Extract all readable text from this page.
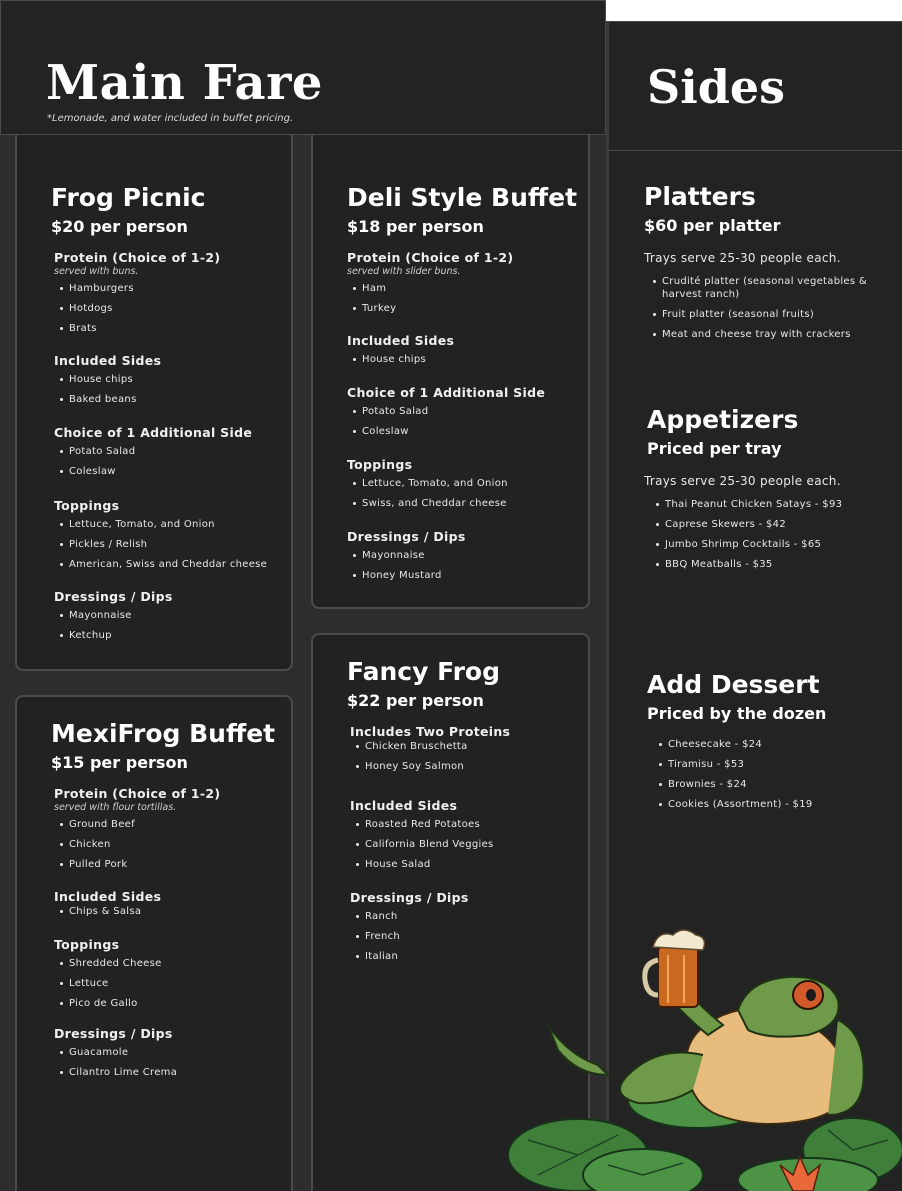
Main Fare
*Lemonade, and water included in buffet pricing.
Frog Picnic
$20 per person
Protein (Choice of 1-2)
served with buns.
Hamburgers
Hotdogs
Brats
Included Sides
House chips
Baked beans
Choice of 1 Additional Side
Potato Salad
Coleslaw
Toppings
Lettuce, Tomato, and Onion
Pickles / Relish
American, Swiss and Cheddar cheese
Dressings / Dips
Mayonnaise
Ketchup
Deli Style Buffet
$18 per person
Protein (Choice of 1-2)
served with slider buns.
Ham
Turkey
Included Sides
House chips
Choice of 1 Additional Side
Potato Salad
Coleslaw
Toppings
Lettuce, Tomato, and Onion
Swiss, and Cheddar cheese
Dressings / Dips
Mayonnaise
Honey Mustard
MexiFrog Buffet
$15 per person
Protein (Choice of 1-2)
served with flour tortillas.
Ground Beef
Chicken
Pulled Pork
Included Sides
Chips & Salsa
Toppings
Shredded Cheese
Lettuce
Pico de Gallo
Dressings / Dips
Guacamole
Cilantro Lime Crema
Fancy Frog
$22 per person
Includes Two Proteins
Chicken Bruschetta
Honey Soy Salmon
Included Sides
Roasted Red Potatoes
California Blend Veggies
House Salad
Dressings / Dips
Ranch
French
Italian
Sides
Platters
$60 per platter
Trays serve 25-30 people each.
Crudité platter (seasonal vegetables & harvest ranch)
Fruit platter (seasonal fruits)
Meat and cheese tray with crackers
Appetizers
Priced per tray
Trays serve 25-30 people each.
Thai Peanut Chicken Satays - $93
Caprese Skewers - $42
Jumbo Shrimp Cocktails - $65
BBQ Meatballs - $35
Add Dessert
Priced by the dozen
Cheesecake - $24
Tiramisu - $53
Brownies - $24
Cookies (Assortment) - $19
